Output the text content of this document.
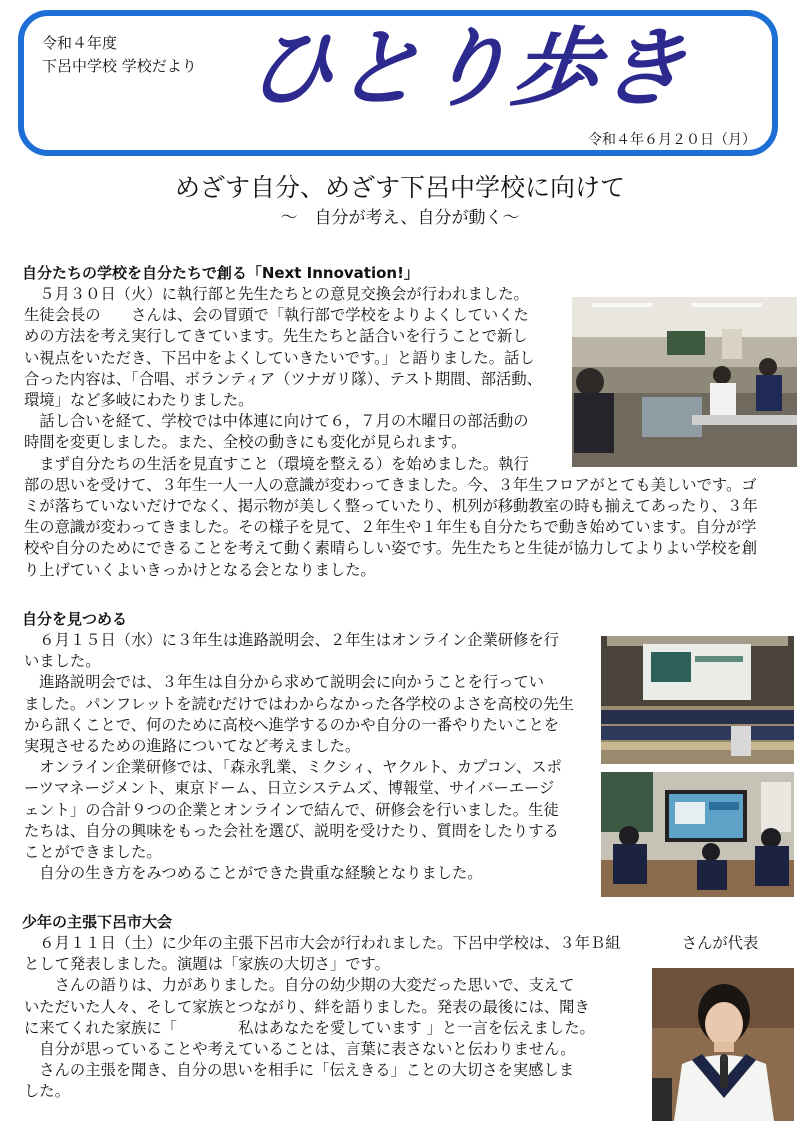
令和４年度
下呂中学校 学校だより ひとり歩き
令和４年６月２０日（月）
めざす自分、めざす下呂中学校に向けて
～　自分が考え、自分が動く～
自分たちの学校を自分たちで創る「Next Innovation!」

　５月３０日（火）に執行部と先生たちとの意見交換会が行われました。

生徒会長の　　さんは、会の冒頭で「執行部で学校をよりよくしていくた

めの方法を考え実行してきています。先生たちと話合いを行うことで新し

い視点をいただき、下呂中をよくしていきたいです。」と語りました。話し

合った内容は、「合唱、ボランティア（ツナガリ隊）、テスト期間、部活動、

環境」など多岐にわたりました。

　話し合いを経て、学校では中体連に向けて６，７月の木曜日の部活動の

時間を変更しました。また、全校の動きにも変化が見られます。

　まず自分たちの生活を見直すこと（環境を整える）を始めました。執行

部の思いを受けて、３年生一人一人の意識が変わってきました。今、３年生フロアがとても美しいです。ゴ

ミが落ちていないだけでなく、掲示物が美しく整っていたり、机列が移動教室の時も揃えてあったり、３年

生の意識が変わってきました。その様子を見て、２年生や１年生も自分たちで動き始めています。自分が学

校や自分のためにできることを考えて動く素晴らしい姿です。先生たちと生徒が協力してよりよい学校を創

り上げていくよいきっかけとなる会となりました。

自分を見つめる

　６月１５日（水）に３年生は進路説明会、２年生はオンライン企業研修を行

いました。

　進路説明会では、３年生は自分から求めて説明会に向かうことを行ってい

ました。パンフレットを読むだけではわからなかった各学校のよさを高校の先生

から訊くことで、何のために高校へ進学するのかや自分の一番やりたいことを

実現させるための進路についてなど考えました。

　オンライン企業研修では、「森永乳業、ミクシィ、ヤクルト、カプコン、スポ

ーツマネージメント、東京ドーム、日立システムズ、博報堂、サイバーエージ

ェント」の合計９つの企業とオンラインで結んで、研修会を行いました。生徒

たちは、自分の興味をもった会社を選び、説明を受けたり、質問をしたりする

ことができました。

　自分の生き方をみつめることができた貴重な経験となりました。

少年の主張下呂市大会

　６月１１日（土）に少年の主張下呂市大会が行われました。下呂中学校は、３年Ｂ組　　　　さんが代表

として発表しました。演題は「家族の大切さ」です。

　　さんの語りは、力がありました。自分の幼少期の大変だった思いで、支えて

いただいた人々、そして家族とつながり、絆を語りました。発表の最後には、聞き

に来てくれた家族に「　　　　私はあなたを愛しています 」と一言を伝えました。

　自分が思っていることや考えていることは、言葉に表さないと伝わりません。

　さんの主張を聞き、自分の思いを相手に「伝えきる」ことの大切さを実感しま

した。
